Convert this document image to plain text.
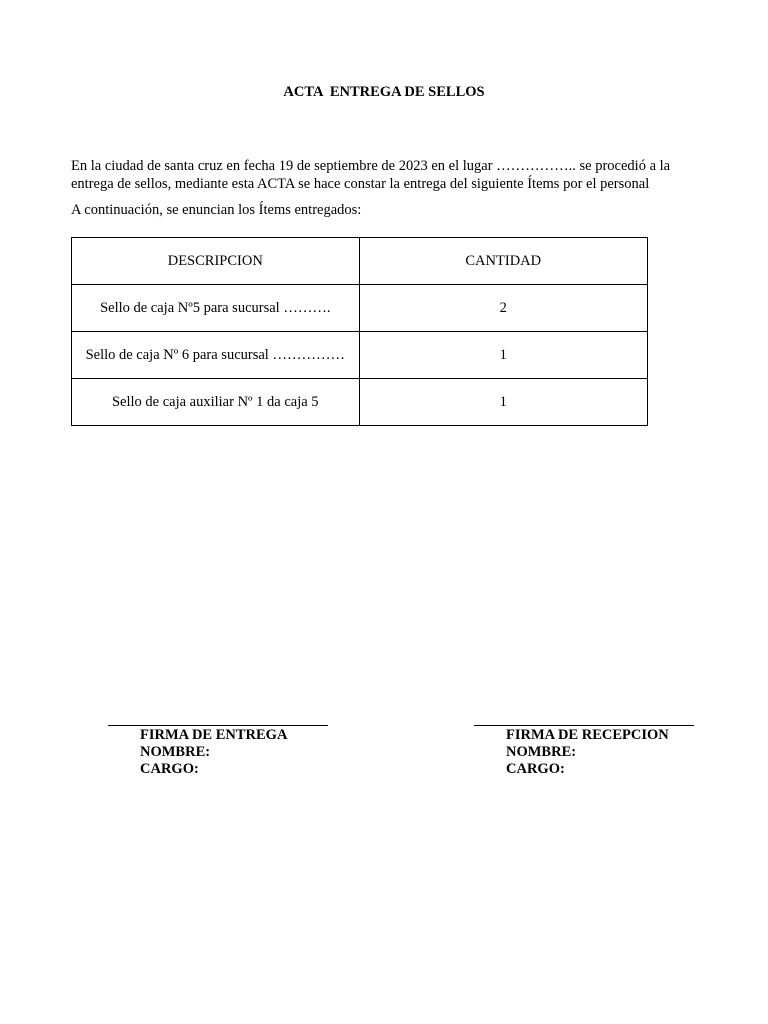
ACTA  ENTREGA DE SELLOS

En la ciudad de santa cruz en fecha 19 de septiembre de 2023 en el lugar …………….. se procedió a la entrega de sellos, mediante esta ACTA se hace constar la entrega del siguiente Ítems por el personal

A continuación, se enuncian los Ítems entregados:

DESCRIPCION	CANTIDAD
Sello de caja Nº5 para sucursal ……….	2
Sello de caja Nº 6 para sucursal ……………	1
Sello de caja auxiliar Nº 1 da caja 5	1
FIRMA DE ENTREGA
NOMBRE:
CARGO:
FIRMA DE RECEPCION
NOMBRE:
CARGO:
